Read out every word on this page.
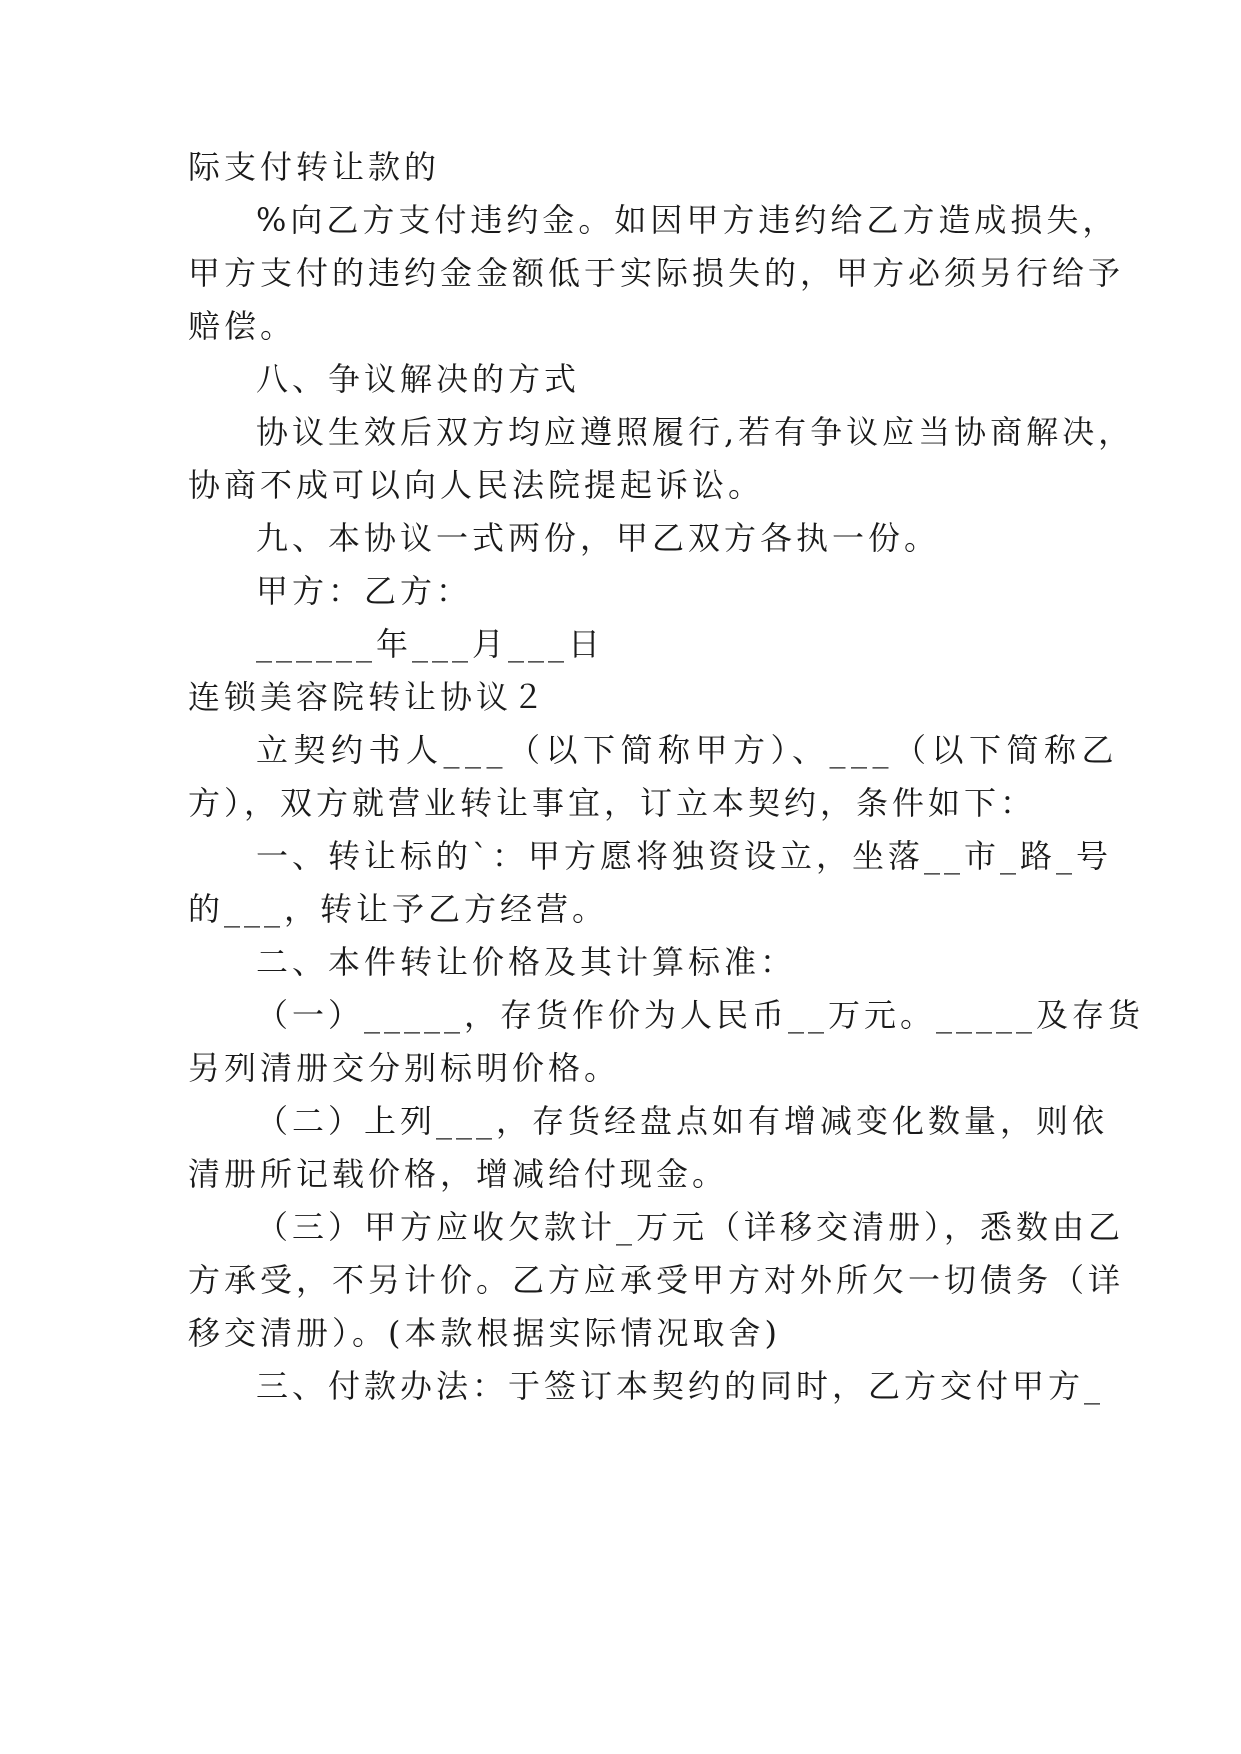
际支付转让款的
%向乙方支付违约金。如因甲方违约给乙方造成损失，
甲方支付的违约金金额低于实际损失的，甲方必须另行给予
赔偿。
八、争议解决的方式
协议生效后双方均应遵照履行,若有争议应当协商解决，
协商不成可以向人民法院提起诉讼。
九、本协议一式两份，甲乙双方各执一份。
甲方：乙方：
______年___月___日
连锁美容院转让协议２
立契约书人___（以下简称甲方）、___（以下简称乙
方），双方就营业转让事宜，订立本契约，条件如下：
一、转让标的`：甲方愿将独资设立，坐落__市_路_号
的___，转让予乙方经营。
二、本件转让价格及其计算标准：
（一）_____，存货作价为人民币__万元。_____及存货
另列清册交分别标明价格。
（二）上列___，存货经盘点如有增减变化数量，则依
清册所记载价格，增减给付现金。
（三）甲方应收欠款计_万元（详移交清册），悉数由乙
方承受，不另计价。乙方应承受甲方对外所欠一切债务（详
移交清册）。(本款根据实际情况取舍)
三、付款办法：于签订本契约的同时，乙方交付甲方_
